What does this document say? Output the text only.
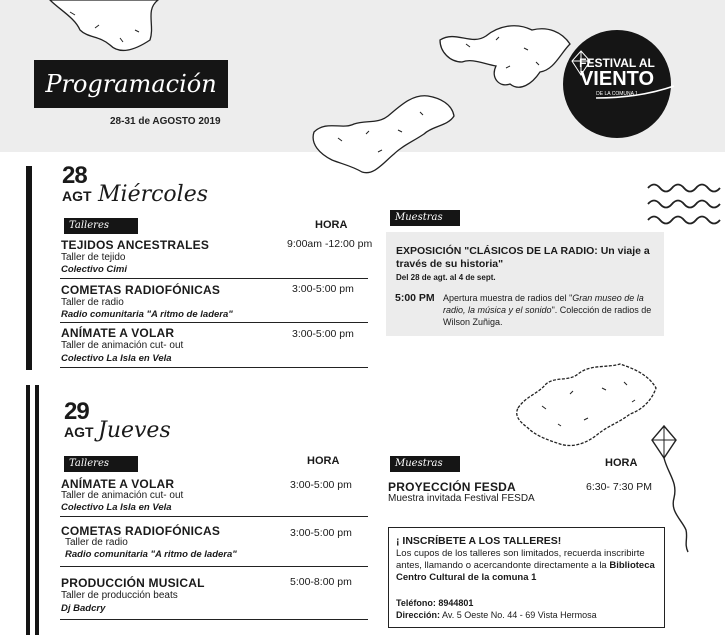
Programación
28-31 de AGOSTO 2019
FESTIVAL AL
VIENTO
DE LA COMUNA 1
28
AGT Miércoles
Talleres	HORA
TEJIDOS ANCESTRALES	9:00am -12:00 pm
Taller de tejido
Colectivo Cimi
COMETAS RADIOFÓNICAS	3:00-5:00 pm
Taller de radio
Radio comunitaria "A ritmo de ladera"
ANÍMATE A VOLAR	3:00-5:00 pm
Taller de animación cut- out
Colectivo La Isla en Vela
Muestras
EXPOSICIÓN "CLÁSICOS DE LA RADIO: Un viaje a través de su historia"
Del 28 de agt. al 4 de sept.
5:00 PM Apertura muestra de radios del "Gran museo de la radio, la música y el sonido". Colección de radios de Wilson Zuñiga.
29
AGT Jueves
Talleres	HORA
ANÍMATE A VOLAR	3:00-5:00 pm
Taller de animación cut- out
Colectivo La Isla en Vela
COMETAS RADIOFÓNICAS	3:00-5:00 pm
Taller de radio
Radio comunitaria "A ritmo de ladera"
PRODUCCIÓN MUSICAL	5:00-8:00 pm
Taller de producción beats
Dj Badcry
Muestras	HORA
PROYECCIÓN FESDA
Muestra invitada Festival FESDA
6:30- 7:30 PM
¡ INSCRÍBETE A LOS TALLERES!
Los cupos de los talleres son limitados, recuerda inscribirte antes, llamando o acercandonte directamente a la Biblioteca Centro Cultural de la comuna 1
Teléfono: 8944801
Dirección: Av. 5 Oeste No. 44 - 69 Vista Hermosa
